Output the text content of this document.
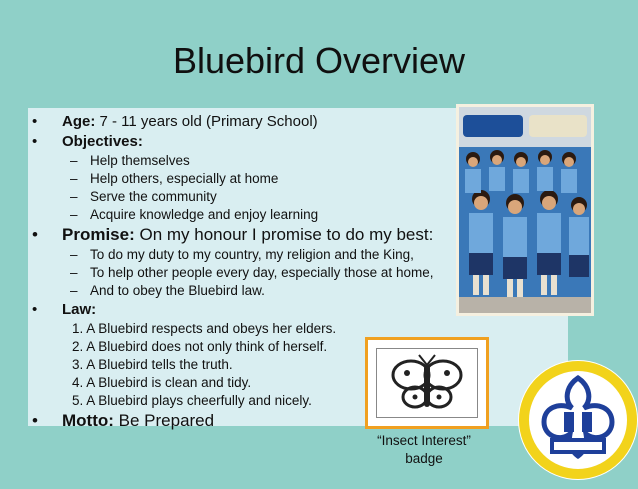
Bluebird Overview

• Age: 7 - 11 years old (Primary School)

• Objectives:

– Help themselves

– Help others, especially at home

– Serve the community

– Acquire knowledge and enjoy learning

• Promise: On my honour I promise to do my best:

– To do my duty to my country, my religion and the King,

– To help other people every day, especially those at home,

– And to obey the Bluebird law.

• Law:

1. A Bluebird respects and obeys her elders.

2. A Bluebird does not only think of herself.

3. A Bluebird tells the truth.

4. A Bluebird is clean and tidy.

5. A Bluebird plays cheerfully and nicely.

• Motto: Be Prepared

“Insect Interest”
badge
